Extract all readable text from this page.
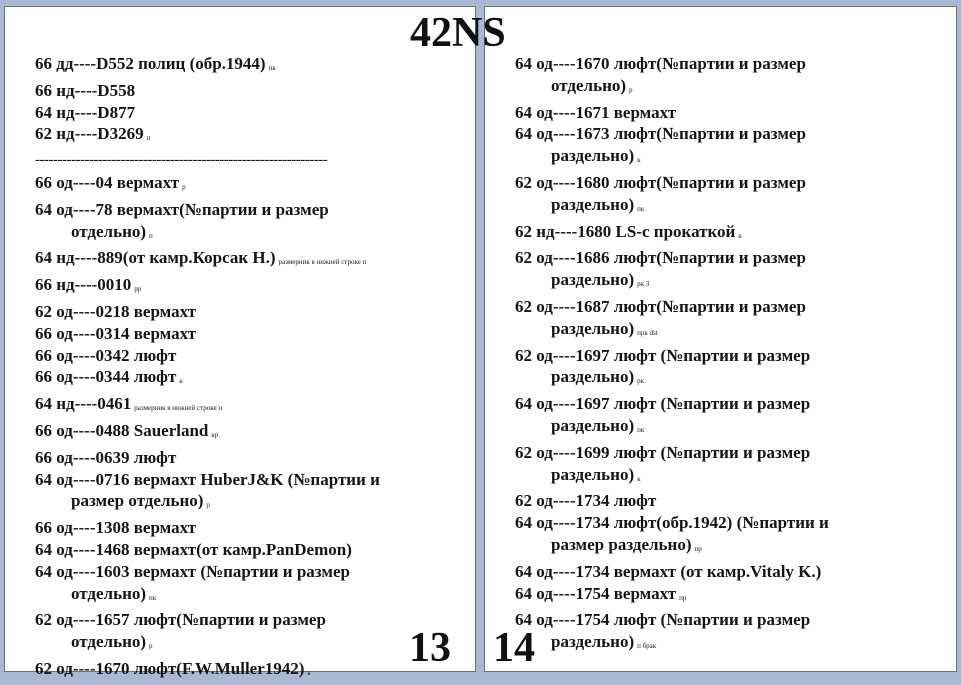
42NS
66 дд----D552 полиц (обр.1944) пк
66 нд----D558
64 нд----D877
62 нд----D3269 п
-----------------------------------------------------------------
66 од----04 вермахт р
64 од----78 вермахт(№партии и размер
отдельно) п
64 нд----889(от камр.Корсак Н.) размерник в нижней строке п
66 нд----0010 рр
62 од----0218 вермахт
66 од----0314 вермахт
66 од----0342 люфт
66 од----0344 люфт к
64 нд----0461 размерник в нижней строке п
66 од----0488 Sauerland кр
66 од----0639 люфт
64 од----0716 вермахт HuberJ&K (№партии и
размер отдельно) р
66 од----1308 вермахт
64 од----1468 вермахт(от камр.PanDemon)
64 од----1603 вермахт (№партии и размер
отдельно) пк
62 од----1657 люфт(№партии и размер
отдельно) р
62 од----1670 люфт(F.W.Muller1942) к
13
64 од----1670 люфт(№партии и размер
отдельно) р
64 од----1671 вермахт
64 од----1673 люфт(№партии и размер
раздельно) к
62 од----1680 люфт(№партии и размер
раздельно) пк
62 нд----1680 LS-с прокаткой к
62 од----1686 люфт(№партии и размер
раздельно) рк 3
62 од----1687 люфт(№партии и размер
раздельно) прк dst
62 од----1697 люфт (№партии и размер
раздельно) рк
64 од----1697 люфт (№партии и размер
раздельно) пк
62 од----1699 люфт (№партии и размер
раздельно) к
62 од----1734 люфт
64 од----1734 люфт(обр.1942) (№партии и
размер раздельно) пр
64 од----1734 вермахт (от камр.Vitaly K.)
64 од----1754 вермахт пр
64 од----1754 люфт (№партии и размер
раздельно) п брак
14
